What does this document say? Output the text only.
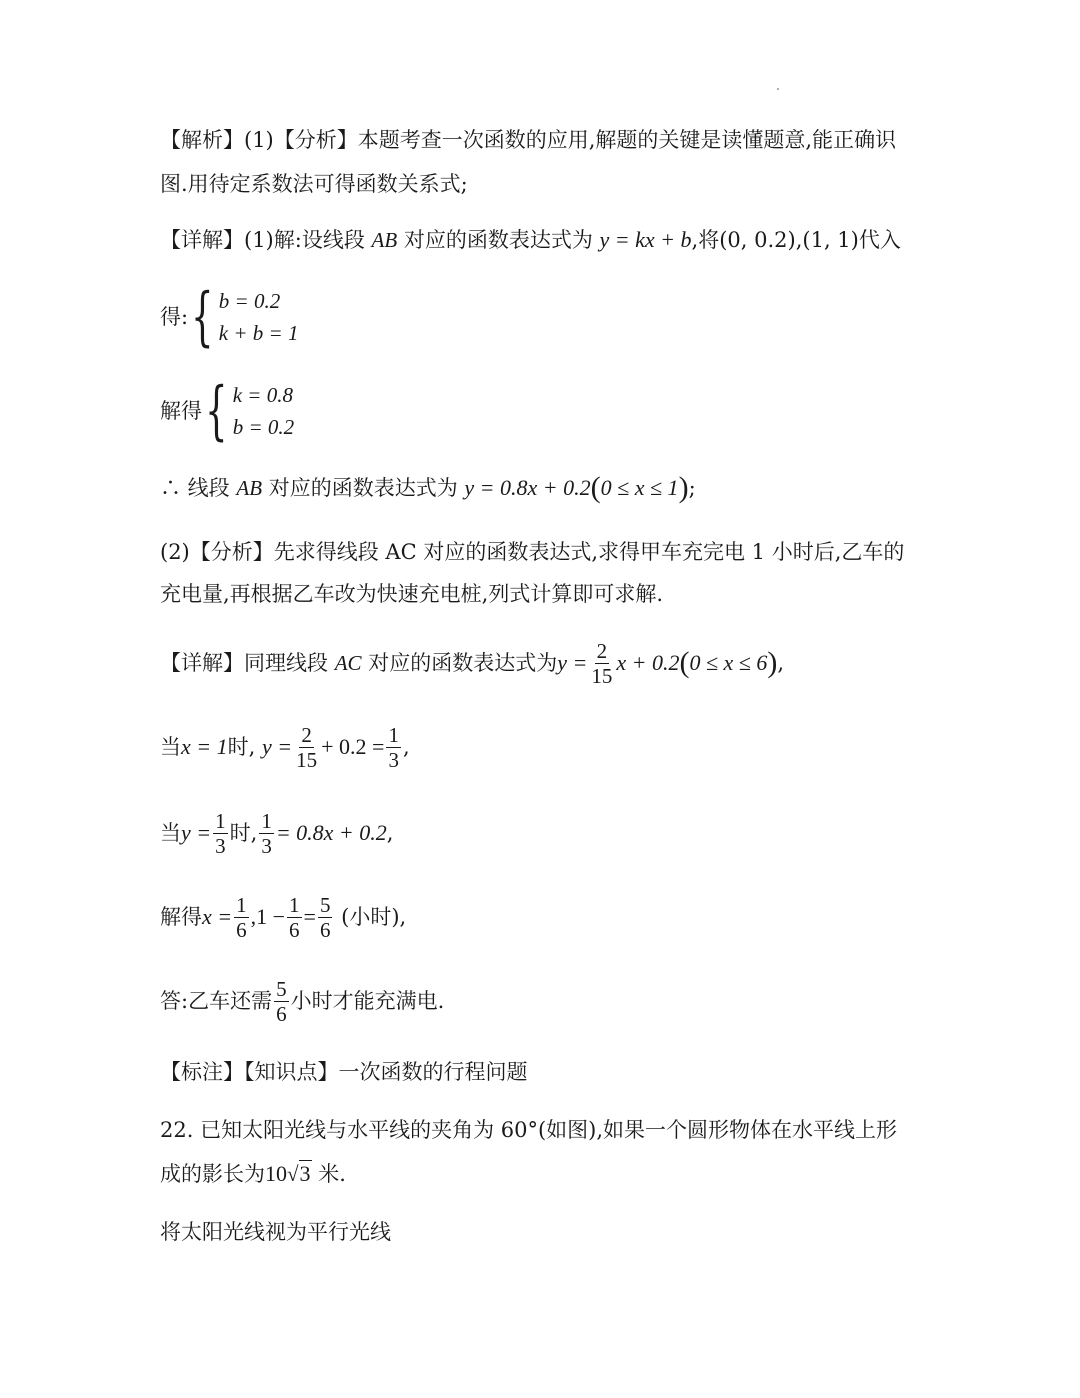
【解析】(1)【分析】本题考查一次函数的应用,解题的关键是读懂题意,能正确识
图.用待定系数法可得函数关系式;
【详解】(1)解:设线段
AB
对应的函数表达式为
y = kx + b ,将(0, 0.2),(1, 1)代入
得: { b = 0.2
k + b = 1
解得 { k = 0.8
b = 0.2
∴ 线段
AB
对应的函数表达式为
y = 0.8x + 0.2 ( 0 ≤ x ≤ 1 ) ;
(2)【分析】先求得线段 AC 对应的函数表达式,求得甲车充完电 1 小时后,乙车的
充电量,再根据乙车改为快速充电桩,列式计算即可求解.
【详解】同理线段
AC
对应的函数表达式为 $y = \frac{2}{15}$ x + 0.2 ( 0 ≤ x ≤ 6 ) ,
当 x = 1 时,
$y = \frac{2}{15} + 0.2 = \frac{1}{3}$ ,
当 $y = \frac{1}{3}$ 时, $\frac{1}{3} = 0.8x + 0.2$ ,
解得 $x = \frac{1}{6} ,1 - \frac{1}{6} = \frac{5}{6}$
(小时),
答:乙车还需 $\frac{5}{6}$ 小时才能充满电.
【标注】【知识点】一次函数的行程问题
22. 已知太阳光线与水平线的夹角为 60°(如图),如果一个圆形物体在水平线上形
成的影长为 10 √3
米.
将太阳光线视为平行光线
